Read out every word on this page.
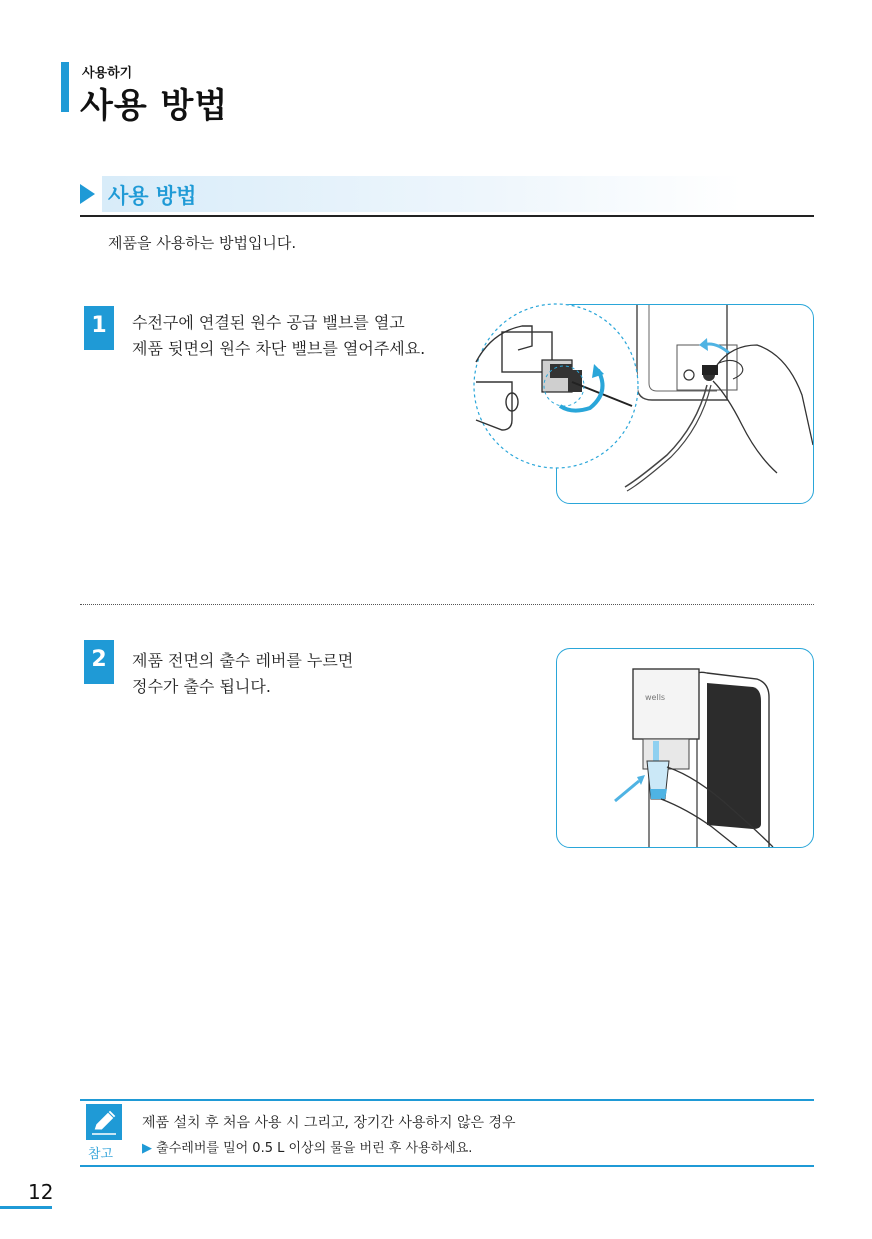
사용하기
사용 방법
사용 방법
제품을 사용하는 방법입니다.
1	수전구에 연결된 원수 공급 밸브를 열고
제품 뒷면의 원수 차단 밸브를 열어주세요.
2	제품 전면의 출수 레버를 누르면
정수가 출수 됩니다.
wells
참고
제품 설치 후 처음 사용 시 그리고, 장기간 사용하지 않은 경우
▶ 출수레버를 밀어 0.5 L 이상의 물을 버린 후 사용하세요.
12
